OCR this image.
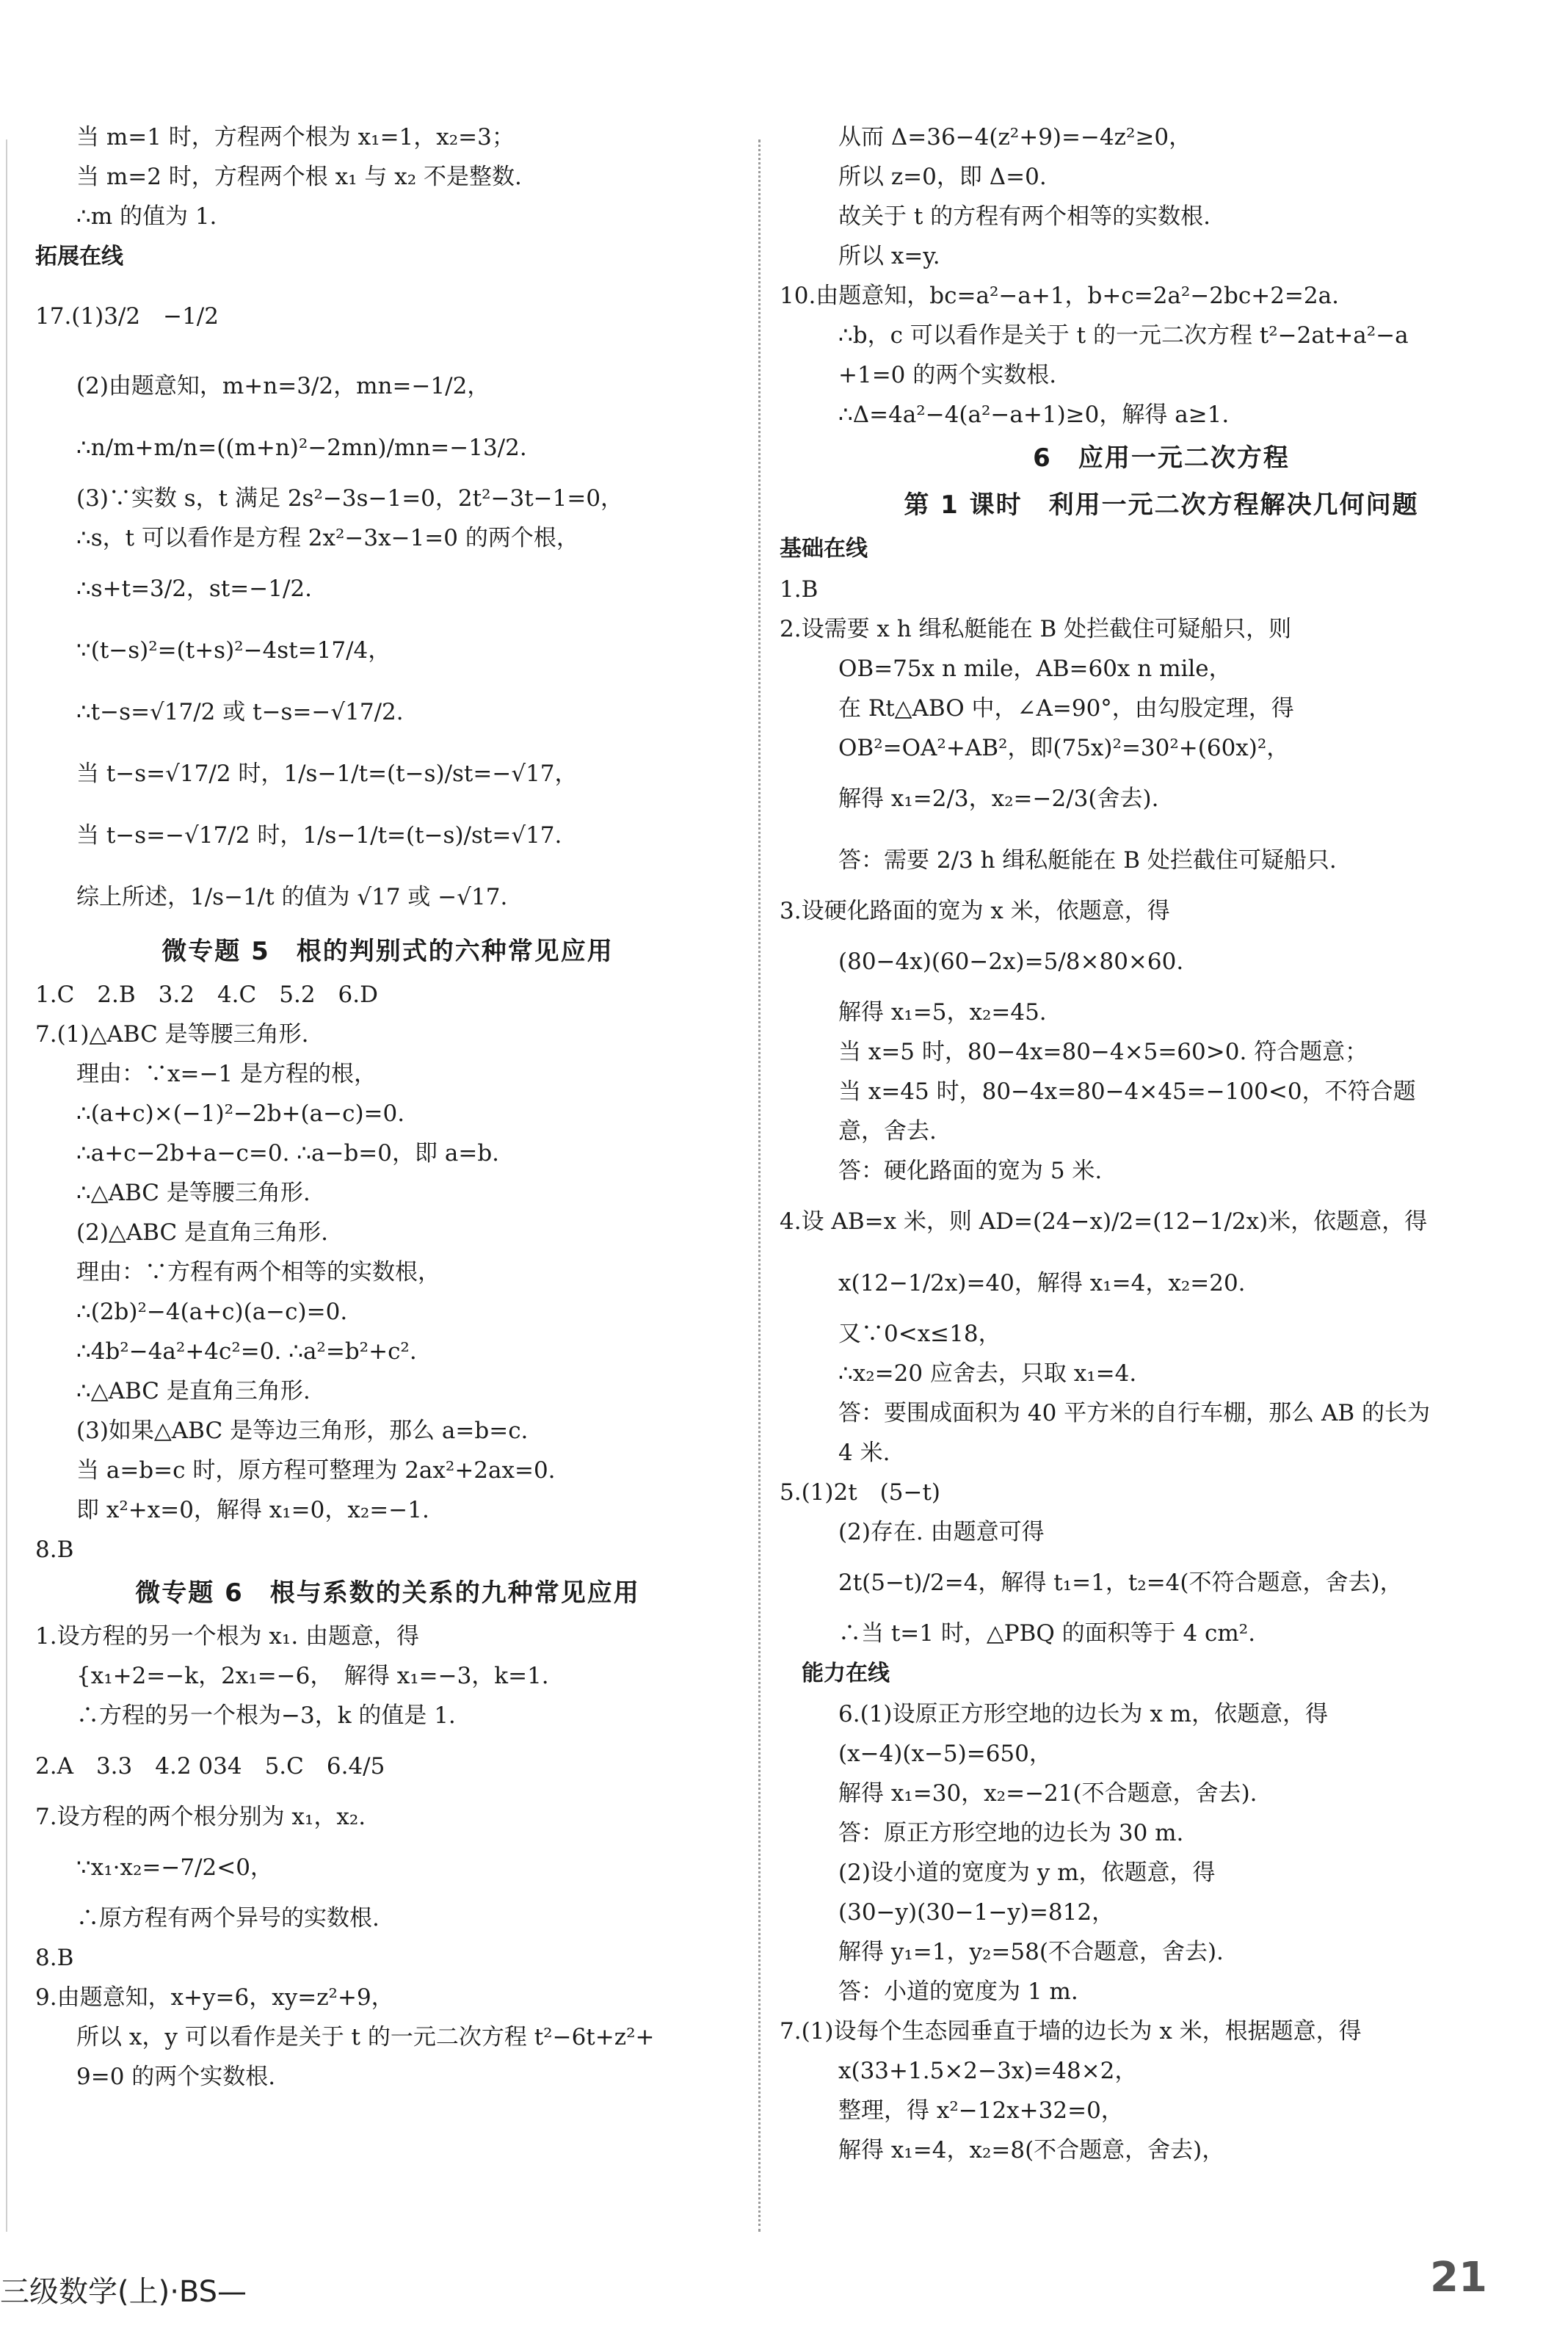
当 m=1 时，方程两个根为 x₁=1，x₂=3；
当 m=2 时，方程两个根 x₁ 与 x₂ 不是整数.
∴m 的值为 1.
拓展在线
17.(1)3/2　−1/2
(2)由题意知，m+n=3/2，mn=−1/2，
∴n/m+m/n=((m+n)²−2mn)/mn=−13/2.
(3)∵实数 s，t 满足 2s²−3s−1=0，2t²−3t−1=0，
∴s，t 可以看作是方程 2x²−3x−1=0 的两个根，
∴s+t=3/2，st=−1/2.
∵(t−s)²=(t+s)²−4st=17/4，
∴t−s=√17/2 或 t−s=−√17/2.
当 t−s=√17/2 时，1/s−1/t=(t−s)/st=−√17，
当 t−s=−√17/2 时，1/s−1/t=(t−s)/st=√17.
综上所述，1/s−1/t 的值为 √17 或 −√17.
微专题 5　根的判别式的六种常见应用
1.C　2.B　3.2　4.C　5.2　6.D
7.(1)△ABC 是等腰三角形.
理由：∵x=−1 是方程的根，
∴(a+c)×(−1)²−2b+(a−c)=0.
∴a+c−2b+a−c=0. ∴a−b=0，即 a=b.
∴△ABC 是等腰三角形.
(2)△ABC 是直角三角形.
理由：∵方程有两个相等的实数根，
∴(2b)²−4(a+c)(a−c)=0.
∴4b²−4a²+4c²=0. ∴a²=b²+c².
∴△ABC 是直角三角形.
(3)如果△ABC 是等边三角形，那么 a=b=c.
当 a=b=c 时，原方程可整理为 2ax²+2ax=0.
即 x²+x=0，解得 x₁=0，x₂=−1.
8.B
微专题 6　根与系数的关系的九种常见应用
1.设方程的另一个根为 x₁. 由题意，得
{x₁+2=−k，2x₁=−6，　解得 x₁=−3，k=1.
∴方程的另一个根为−3，k 的值是 1.
2.A　3.3　4.2 034　5.C　6.4/5
7.设方程的两个根分别为 x₁，x₂.
∵x₁·x₂=−7/2<0，
∴原方程有两个异号的实数根.
8.B
9.由题意知，x+y=6，xy=z²+9，
所以 x，y 可以看作是关于 t 的一元二次方程 t²−6t+z²+
9=0 的两个实数根.
从而 Δ=36−4(z²+9)=−4z²≥0，
所以 z=0，即 Δ=0.
故关于 t 的方程有两个相等的实数根.
所以 x=y.
10.由题意知，bc=a²−a+1，b+c=2a²−2bc+2=2a.
∴b，c 可以看作是关于 t 的一元二次方程 t²−2at+a²−a
+1=0 的两个实数根.
∴Δ=4a²−4(a²−a+1)≥0，解得 a≥1.
6　应用一元二次方程
第 1 课时　利用一元二次方程解决几何问题
基础在线
1.B
2.设需要 x h 缉私艇能在 B 处拦截住可疑船只，则
OB=75x n mile，AB=60x n mile，
在 Rt△ABO 中，∠A=90°，由勾股定理，得
OB²=OA²+AB²，即(75x)²=30²+(60x)²，
解得 x₁=2/3，x₂=−2/3(舍去).
答：需要 2/3 h 缉私艇能在 B 处拦截住可疑船只.
3.设硬化路面的宽为 x 米，依题意，得
(80−4x)(60−2x)=5/8×80×60.
解得 x₁=5，x₂=45.
当 x=5 时，80−4x=80−4×5=60>0. 符合题意；
当 x=45 时，80−4x=80−4×45=−100<0，不符合题
意，舍去.
答：硬化路面的宽为 5 米.
4.设 AB=x 米，则 AD=(24−x)/2=(12−1/2x)米，依题意，得
x(12−1/2x)=40，解得 x₁=4，x₂=20.
又∵0<x≤18，
∴x₂=20 应舍去，只取 x₁=4.
答：要围成面积为 40 平方米的自行车棚，那么 AB 的长为
4 米.
5.(1)2t　(5−t)
(2)存在. 由题意可得
2t(5−t)/2=4，解得 t₁=1，t₂=4(不符合题意，舍去)，
∴当 t=1 时，△PBQ 的面积等于 4 cm².
　能力在线
6.(1)设原正方形空地的边长为 x m，依题意，得
(x−4)(x−5)=650，
解得 x₁=30，x₂=−21(不合题意，舍去).
答：原正方形空地的边长为 30 m.
(2)设小道的宽度为 y m，依题意，得
(30−y)(30−1−y)=812，
解得 y₁=1，y₂=58(不合题意，舍去).
答：小道的宽度为 1 m.
7.(1)设每个生态园垂直于墙的边长为 x 米，根据题意，得
x(33+1.5×2−3x)=48×2，
整理，得 x²−12x+32=0，
解得 x₁=4，x₂=8(不合题意，舍去)，
三级数学(上)·BS—	21
